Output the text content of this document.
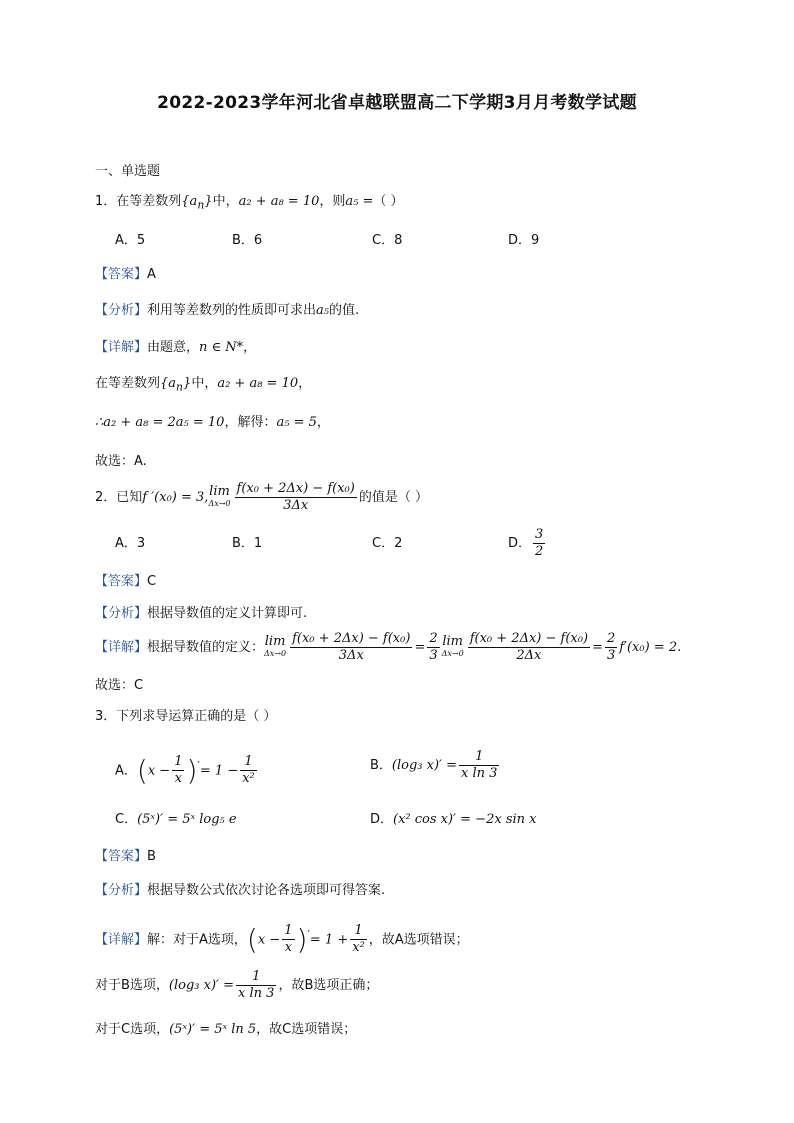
2022-2023学年河北省卓越联盟高二下学期3月月考数学试题
一、单选题
1．在等差数列$\{a_n\}$中，a₂ + a₈ = 10，则a₅ =（ ）
A．5	B．6	C．8	D．9
【答案】A
【分析】利用等差数列的性质即可求出a₅的值.
【详解】由题意，n ∈ N*，
在等差数列$\{a_n\}$中，a₂ + a₈ = 10，
∴a₂ + a₈ = 2a₅ = 10，解得：a₅ = 5，
故选：A.
2．已知f ′(x₀) = 3,lim
$\Delta x\to 0 \frac{\text{f(x₀ + 2Δx) − f(x₀)}}{3\Delta x}$ 的值是（ ）
A．3	B．1	C．2	D． $\frac{3}{2}$
【答案】C
【分析】根据导数值的定义计算即可.
【详解】根据导数值的定义：lim
$\Delta x\to 0 \frac{\text{f(x₀ + 2Δx) − f(x₀)}}{3\Delta x} = \frac{2}{3}$ lim
$\Delta x\to 0 \frac{\text{f(x₀ + 2Δx) − f(x₀)}}{2\Delta x} = \frac{2}{3} f'(x_0) = 2$.
故选：C
3．下列求导运算正确的是（ ）
A．$(x - \frac{1}{x} )'= 1 - \frac{1}{\text{x²}}$	B．(log₃ $x)' = \frac{1}{\text{x ln 3}}$
C．(5ˣ)′ = 5ˣ log₅ e	D．(x² cos x)′ = −2x sin x
【答案】B
【分析】根据导数公式依次讨论各选项即可得答案.
【详解】解：对于A选项，$(x - \frac{1}{x} )'= 1 + \frac{1}{\text{x²}}$ ，故A选项错误；
对于B选项，(log₃ $x)' = \frac{1}{\text{x ln 3}}$ ，故B选项正确；
对于C选项，(5ˣ)′ = 5ˣ ln 5，故C选项错误；
